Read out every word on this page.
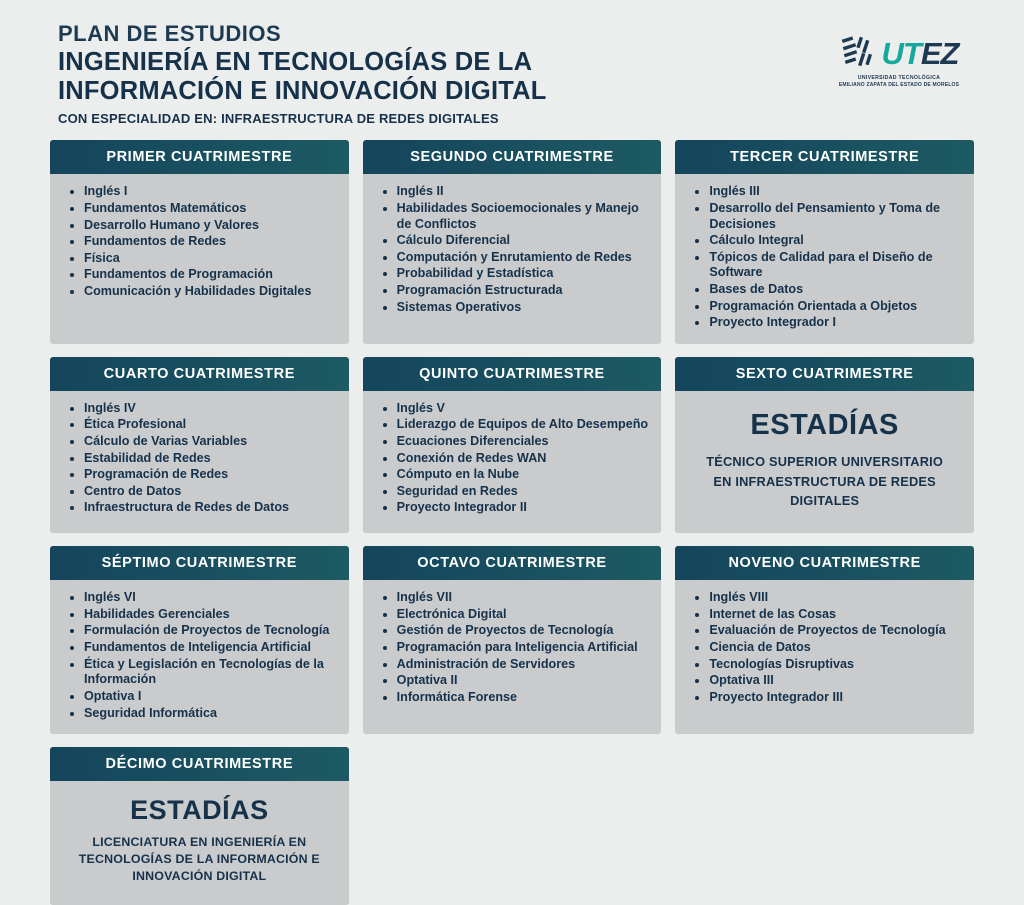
PLAN DE ESTUDIOS
INGENIERÍA EN TECNOLOGÍAS DE LA
INFORMACIÓN E INNOVACIÓN DIGITAL
CON ESPECIALIDAD EN: INFRAESTRUCTURA DE REDES DIGITALES
UTEZ
UNIVERSIDAD TECNOLÓGICA
EMILIANO ZAPATA DEL ESTADO DE MORELOS
PRIMER CUATRIMESTRE
• Inglés I
• Fundamentos Matemáticos
• Desarrollo Humano y Valores
• Fundamentos de Redes
• Física
• Fundamentos de Programación
• Comunicación y Habilidades Digitales
SEGUNDO CUATRIMESTRE
• Inglés II
• Habilidades Socioemocionales y Manejo de Conflictos
• Cálculo Diferencial
• Computación y Enrutamiento de Redes
• Probabilidad y Estadística
• Programación Estructurada
• Sistemas Operativos
TERCER CUATRIMESTRE
• Inglés III
• Desarrollo del Pensamiento y Toma de Decisiones
• Cálculo Integral
• Tópicos de Calidad para el Diseño de Software
• Bases de Datos
• Programación Orientada a Objetos
• Proyecto Integrador I
CUARTO CUATRIMESTRE
• Inglés IV
• Ética Profesional
• Cálculo de Varias Variables
• Estabilidad de Redes
• Programación de Redes
• Centro de Datos
• Infraestructura de Redes de Datos
QUINTO CUATRIMESTRE
• Inglés V
• Liderazgo de Equipos de Alto Desempeño
• Ecuaciones Diferenciales
• Conexión de Redes WAN
• Cómputo en la Nube
• Seguridad en Redes
• Proyecto Integrador II
SEXTO CUATRIMESTRE
ESTADÍAS
TÉCNICO SUPERIOR UNIVERSITARIO EN INFRAESTRUCTURA DE REDES DIGITALES
SÉPTIMO CUATRIMESTRE
• Inglés VI
• Habilidades Gerenciales
• Formulación de Proyectos de Tecnología
• Fundamentos de Inteligencia Artificial
• Ética y Legislación en Tecnologías de la Información
• Optativa I
• Seguridad Informática
OCTAVO CUATRIMESTRE
• Inglés VII
• Electrónica Digital
• Gestión de Proyectos de Tecnología
• Programación para Inteligencia Artificial
• Administración de Servidores
• Optativa II
• Informática Forense
NOVENO CUATRIMESTRE
• Inglés VIII
• Internet de las Cosas
• Evaluación de Proyectos de Tecnología
• Ciencia de Datos
• Tecnologías Disruptivas
• Optativa III
• Proyecto Integrador III
DÉCIMO CUATRIMESTRE
ESTADÍAS
LICENCIATURA EN INGENIERÍA EN TECNOLOGÍAS DE LA INFORMACIÓN E INNOVACIÓN DIGITAL
